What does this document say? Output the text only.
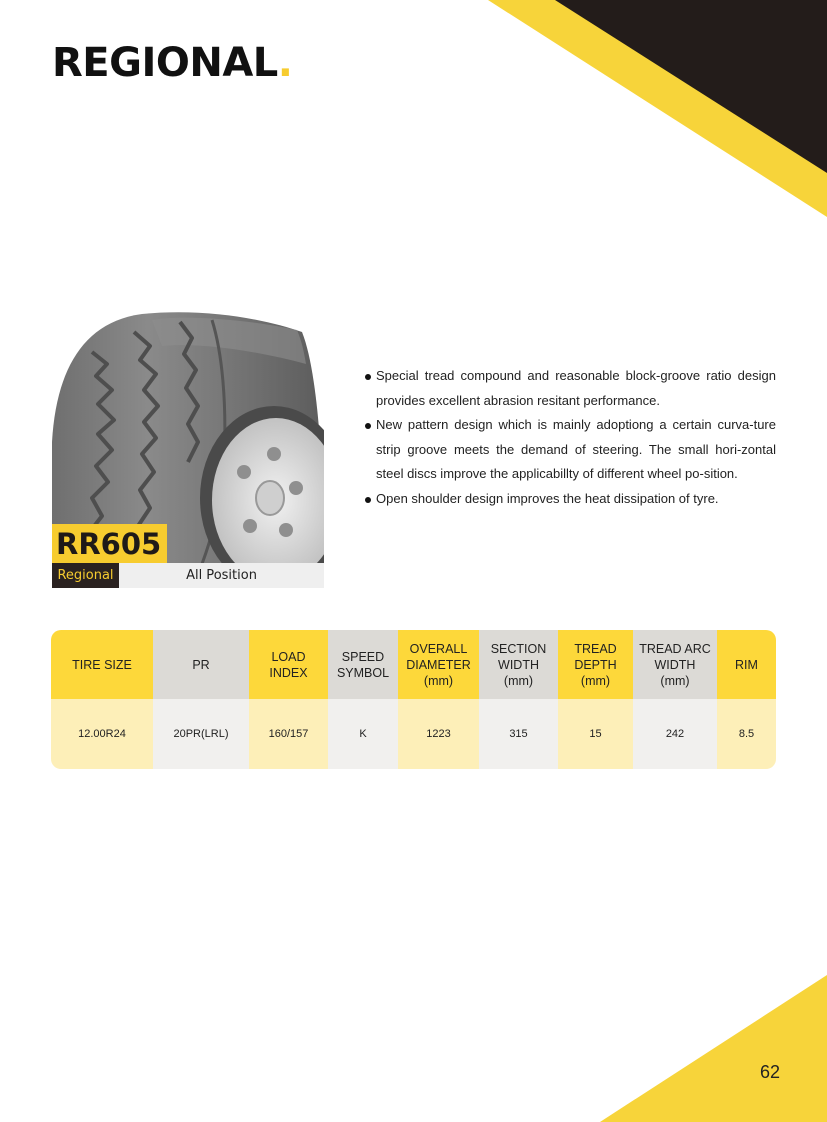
REGIONAL.
RR605
Regional	All Position
Special tread compound and reasonable block-groove ratio design provides excellent abrasion resitant performance.
New pattern design which is mainly adoptiong a certain curva-ture strip groove meets the demand of steering. The small hori-zontal steel discs improve the applicabillty of different wheel po-sition.
Open shoulder design improves the heat dissipation of tyre.
TIRE SIZE
12.00R24
PR
20PR(LRL)
LOAD
INDEX
160/157
SPEED
SYMBOL
K
OVERALL
DIAMETER
(mm)
1223
SECTION
WIDTH
(mm)
315
TREAD
DEPTH
(mm)
15
TREAD ARC
WIDTH
(mm)
242
RIM
8.5
62
